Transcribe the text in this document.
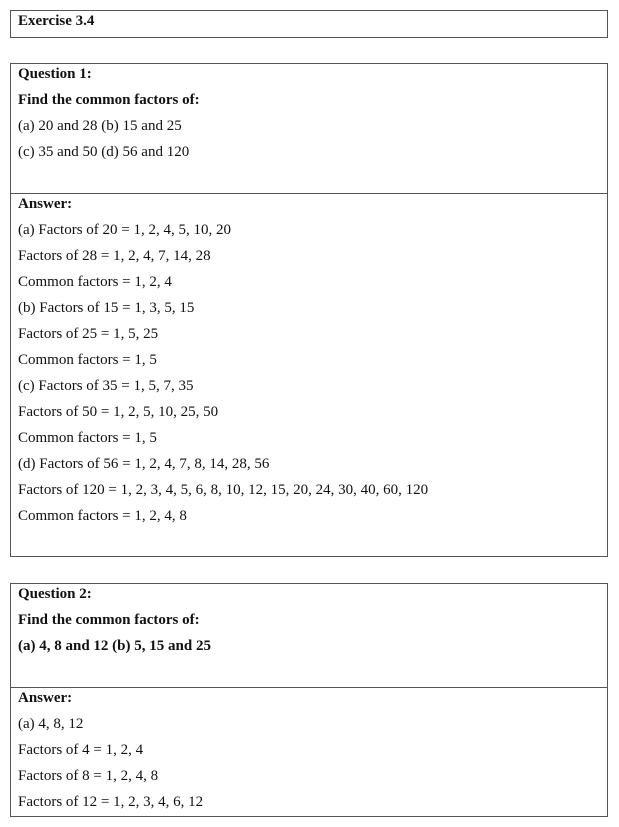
Exercise 3.4
Question 1:
Find the common factors of:
(a) 20 and 28 (b) 15 and 25
(c) 35 and 50 (d) 56 and 120
Answer:
(a) Factors of 20 = 1, 2, 4, 5, 10, 20
Factors of 28 = 1, 2, 4, 7, 14, 28
Common factors = 1, 2, 4
(b) Factors of 15 = 1, 3, 5, 15
Factors of 25 = 1, 5, 25
Common factors = 1, 5
(c) Factors of 35 = 1, 5, 7, 35
Factors of 50 = 1, 2, 5, 10, 25, 50
Common factors = 1, 5
(d) Factors of 56 = 1, 2, 4, 7, 8, 14, 28, 56
Factors of 120 = 1, 2, 3, 4, 5, 6, 8, 10, 12, 15, 20, 24, 30, 40, 60, 120
Common factors = 1, 2, 4, 8
Question 2:
Find the common factors of:
(a) 4, 8 and 12 (b) 5, 15 and 25
Answer:
(a) 4, 8, 12
Factors of 4 = 1, 2, 4
Factors of 8 = 1, 2, 4, 8
Factors of 12 = 1, 2, 3, 4, 6, 12
